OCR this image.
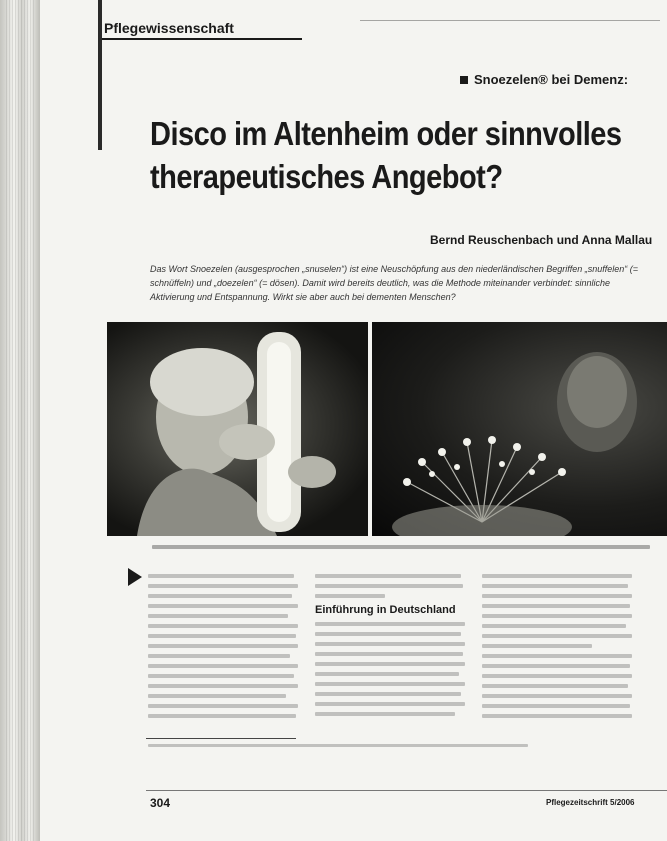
Pflegewissenschaft
Snoezelen® bei Demenz:
Disco im Altenheim oder sinnvolles
therapeutisches Angebot?
Bernd Reuschenbach und Anna Mallau
Das Wort Snoezelen (ausgesprochen „snuselen“) ist eine Neuschöpfung aus den niederländischen Begriffen „snuffelen“ (= schnüffeln) und „doezelen“ (= dösen). Damit wird bereits deutlich, was die Methode miteinander verbindet: sinnliche Aktivierung und Entspannung. Wirkt sie aber auch bei dementen Menschen?
Einführung in Deutschland
304	Pflegezeitschrift 5/2006
